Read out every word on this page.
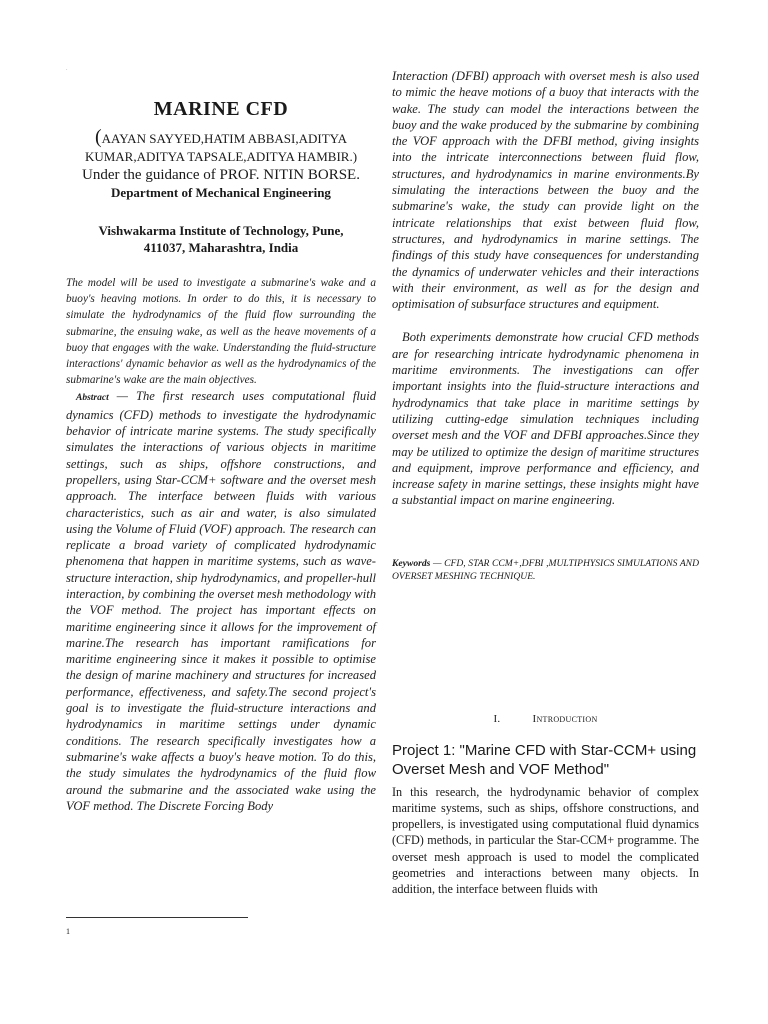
.
MARINE CFD
(AAYAN SAYYED,HATIM ABBASI,ADITYA
KUMAR,ADITYA TAPSALE,ADITYA HAMBIR.)
Under the guidance of PROF. NITIN BORSE.
Department of Mechanical Engineering
Vishwakarma Institute of Technology, Pune,
411037, Maharashtra, India

The model will be used to investigate a submarine's wake and a buoy's heaving motions. In order to do this, it is necessary to simulate the hydrodynamics of the fluid flow surrounding the submarine, the ensuing wake, as well as the heave movements of a buoy that engages with the wake. Understanding the fluid-structure interactions' dynamic behavior as well as the hydrodynamics of the submarine's wake are the main objectives.

Abstract — The first research uses computational fluid dynamics (CFD) methods to investigate the hydrodynamic behavior of intricate marine systems. The study specifically simulates the interactions of various objects in maritime settings, such as ships, offshore constructions, and propellers, using Star-CCM+ software and the overset mesh approach. The interface between fluids with various characteristics, such as air and water, is also simulated using the Volume of Fluid (VOF) approach. The research can replicate a broad variety of complicated hydrodynamic phenomena that happen in maritime systems, such as wave-structure interaction, ship hydrodynamics, and propeller-hull interaction, by combining the overset mesh methodology with the VOF method. The project has important effects on maritime engineering since it allows for the improvement of marine.The research has important ramifications for maritime engineering since it makes it possible to optimise the design of marine machinery and structures for increased performance, effectiveness, and safety.The second project's goal is to investigate the fluid-structure interactions and hydrodynamics in maritime settings under dynamic conditions. The research specifically investigates how a submarine's wake affects a buoy's heave motion. To do this, the study simulates the hydrodynamics of the fluid flow around the submarine and the associated wake using the VOF method. The Discrete Forcing Body

Interaction (DFBI) approach with overset mesh is also used to mimic the heave motions of a buoy that interacts with the wake. The study can model the interactions between the buoy and the wake produced by the submarine by combining the VOF approach with the DFBI method, giving insights into the intricate interconnections between fluid flow, structures, and hydrodynamics in marine environments.By simulating the interactions between the buoy and the submarine's wake, the study can provide light on the intricate relationships that exist between fluid flow, structures, and hydrodynamics in marine settings. The findings of this study have consequences for understanding the dynamics of underwater vehicles and their interactions with their environment, as well as for the design and optimisation of subsurface structures and equipment.

Both experiments demonstrate how crucial CFD methods are for researching intricate hydrodynamic phenomena in maritime environments. The investigations can offer important insights into the fluid-structure interactions and hydrodynamics that take place in maritime settings by utilizing cutting-edge simulation techniques including overset mesh and the VOF and DFBI approaches.Since they may be utilized to optimize the design of maritime structures and equipment, improve performance and efficiency, and increase safety in marine settings, these insights might have a substantial impact on marine engineering.

Keywords — CFD, STAR CCM+,DFBI ,MULTIPHYSICS SIMULATIONS AND OVERSET MESHING TECHNIQUE.

I.	Introduction
Project 1: "Marine CFD with Star-CCM+ using Overset Mesh and VOF Method"

In this research, the hydrodynamic behavior of complex maritime systems, such as ships, offshore constructions, and propellers, is investigated using computational fluid dynamics (CFD) methods, in particular the Star-CCM+ programme. The overset mesh approach is used to model the complicated geometries and interactions between many objects. In addition, the interface between fluids with

1
